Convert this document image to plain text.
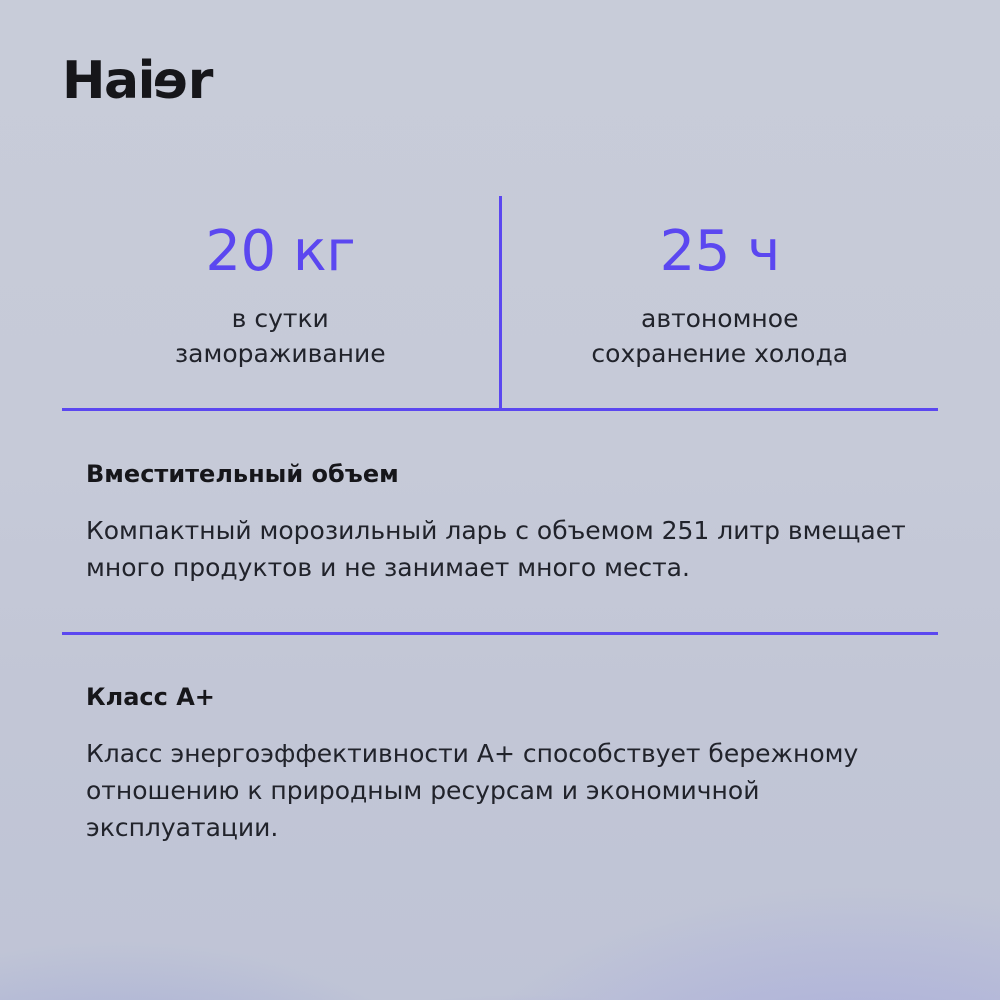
Haier
20 кг
в сутки
замораживание
25 ч
автономное
сохранение холода
Вместительный объем
Компактный морозильный ларь с объемом 251 литр вмещает много продуктов и не занимает много места.
Класс А+
Класс энергоэффективности А+ способствует бережному отношению к природным ресурсам и экономичной эксплуатации.
